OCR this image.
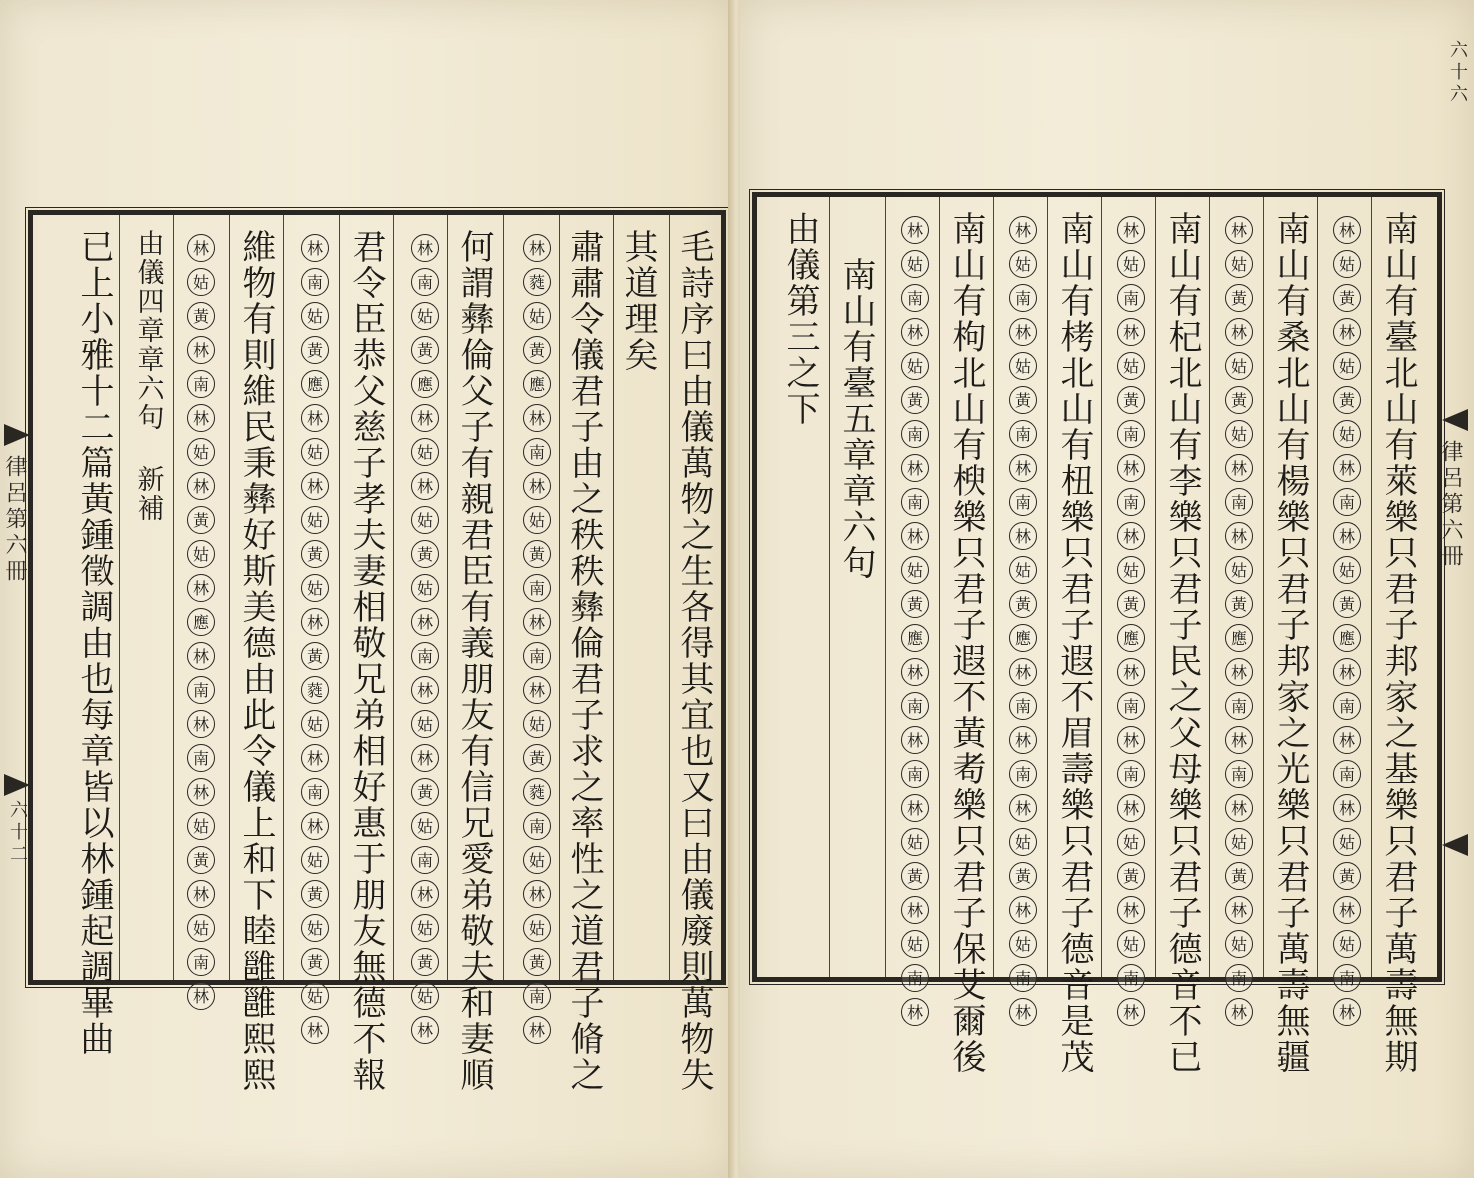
毛詩序曰由儀萬物之生各得其宜也又曰由儀廢則萬物失
其道理矣
林
蕤
姑
黃
應
林
南
林
姑
黃
南
林
南
林
姑
黃
蕤
南
姑
林
姑
黃
南
林 肅肅令儀君子由之秩秩彝倫君子求之率性之道君子脩之
何謂彝倫父子有親君臣有義朋友有信兄愛弟敬夫和妻順
林
南
姑
黃
應
林
姑
林
姑
黃
姑
林
南
林
姑
林
黃
姑
南
林
姑
黃
姑
林
君令臣恭父慈子孝夫妻相敬兄弟相好惠于朋友無德不報
林
南
姑
黃
應
林
姑
林
姑
黃
姑
林
黃
蕤
姑
林
南
林
姑
黃
姑
黃
姑
林
維物有則維民秉彝好斯美德由此令儀上和下睦雝雝熙熙
林
姑
黃
林
南
林
姑
林
黃
姑
林
應
林
南
林
南
林
姑
黃
林
姑
南
林
由儀四章章六句 新補
已上小雅十二篇黃鍾徵調由也每章皆以林鍾起調畢曲
律呂第六冊
六十二	南山有臺北山有萊樂只君子邦家之基樂只君子萬壽無期
林
姑
黃
林
姑
黃
姑
林
南
林
姑
黃
應
林
南
林
南
林
姑
黃
林
姑
南
林
南山有桑北山有楊樂只君子邦家之光樂只君子萬壽無疆
林
姑
黃
林
姑
黃
姑
林
南
林
姑
黃
應
林
南
林
南
林
姑
黃
林
姑
南
林
南山有杞北山有李樂只君子民之父母樂只君子德音不已
林
姑
南
林
姑
黃
南
林
南
林
姑
黃
應
林
南
林
南
林
姑
黃
林
姑
南
林
南山有栲北山有杻樂只君子遐不眉壽樂只君子德音是茂
林
姑
南
林
姑
黃
南
林
南
林
姑
黃
應
林
南
林
南
林
姑
黃
林
姑
南
林
南山有枸北山有楰樂只君子遐不黃耇樂只君子保艾爾後
林
姑
南
林
姑
黃
南
林
南
林
姑
黃
應
林
南
林
南
林
姑
黃
林
姑
南
林
南山有臺五章章六句
由儀第三之下
律呂第六冊
六十六
